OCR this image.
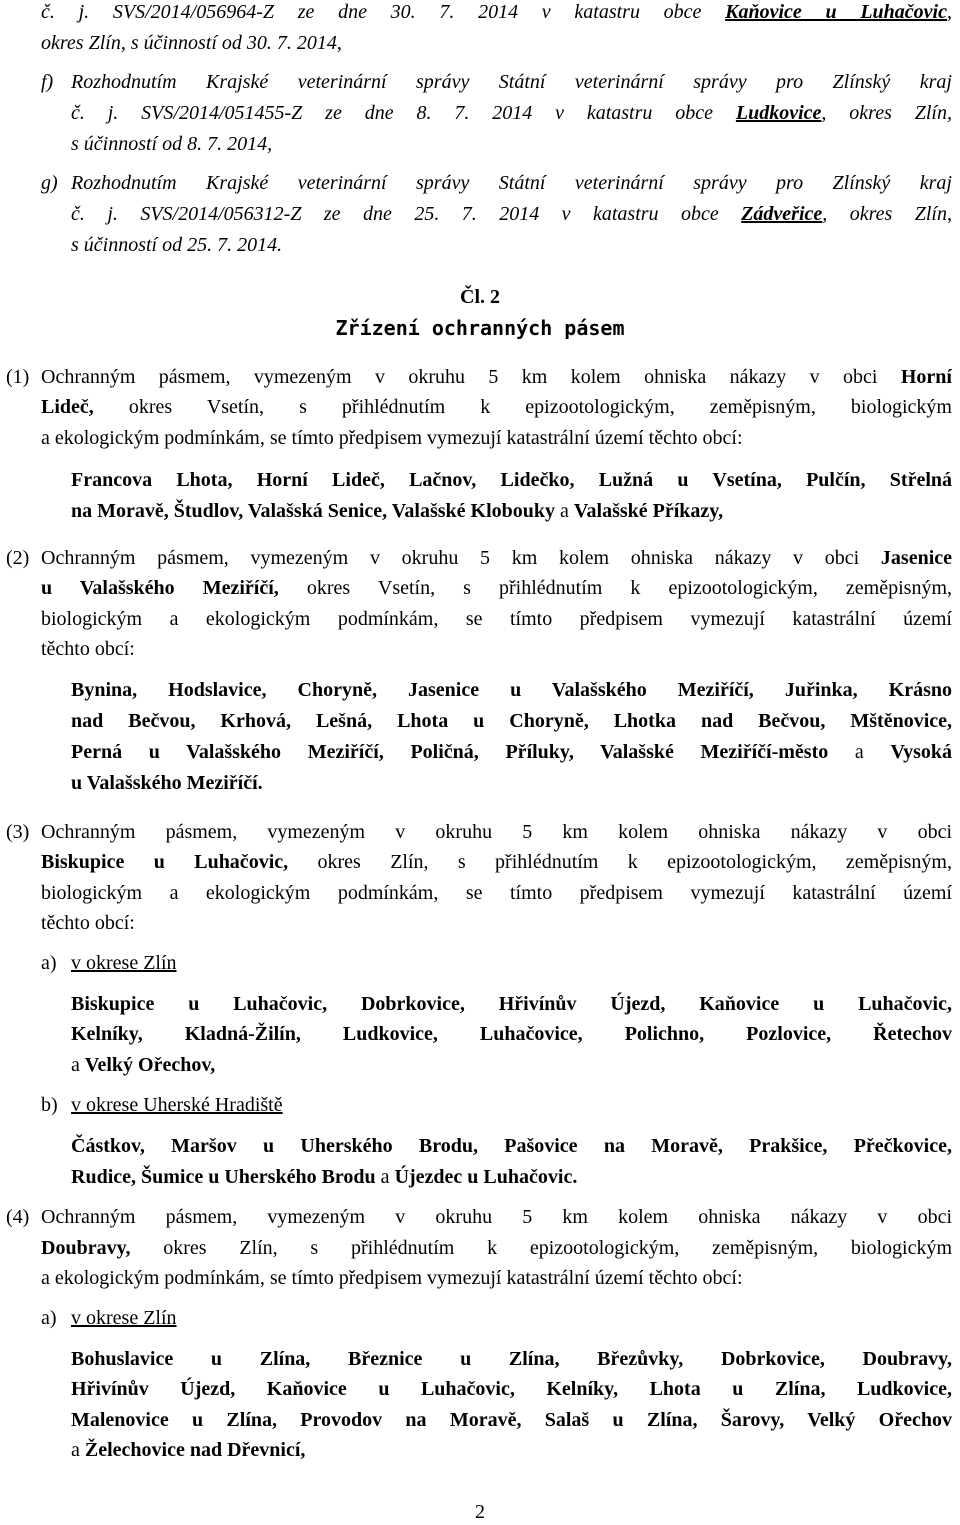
č. j. SVS/2014/056964-Z ze dne 30. 7. 2014 v katastru obce Kaňovice u Luhačovic,
okres Zlín, s účinností od 30. 7. 2014,
f) Rozhodnutím Krajské veterinární správy Státní veterinární správy pro Zlínský kraj
č. j. SVS/2014/051455-Z ze dne 8. 7. 2014 v katastru obce Ludkovice, okres Zlín,
s účinností od 8. 7. 2014,
g) Rozhodnutím Krajské veterinární správy Státní veterinární správy pro Zlínský kraj
č. j. SVS/2014/056312-Z ze dne 25. 7. 2014 v katastru obce Zádveřice, okres Zlín,
s účinností od 25. 7. 2014.
Čl. 2
Zřízení ochranných pásem
(1) Ochranným pásmem, vymezeným v okruhu 5 km kolem ohniska nákazy v obci Horní
Lideč, okres Vsetín, s přihlédnutím k epizootologickým, zeměpisným, biologickým
a ekologickým podmínkám, se tímto předpisem vymezují katastrální území těchto obcí:
Francova Lhota, Horní Lideč, Lačnov, Lidečko, Lužná u Vsetína, Pulčín, Střelná
na Moravě, Študlov, Valašská Senice, Valašské Klobouky a Valašské Příkazy,
(2) Ochranným pásmem, vymezeným v okruhu 5 km kolem ohniska nákazy v obci Jasenice
u Valašského Meziříčí, okres Vsetín, s přihlédnutím k epizootologickým, zeměpisným,
biologickým a ekologickým podmínkám, se tímto předpisem vymezují katastrální území
těchto obcí:
Bynina, Hodslavice, Choryně, Jasenice u Valašského Meziříčí, Juřinka, Krásno
nad Bečvou, Krhová, Lešná, Lhota u Choryně, Lhotka nad Bečvou, Mštěnovice,
Perná u Valašského Meziříčí, Poličná, Příluky, Valašské Meziříčí-město a Vysoká
u Valašského Meziříčí.
(3) Ochranným pásmem, vymezeným v okruhu 5 km kolem ohniska nákazy v obci
Biskupice u Luhačovic, okres Zlín, s přihlédnutím k epizootologickým, zeměpisným,
biologickým a ekologickým podmínkám, se tímto předpisem vymezují katastrální území
těchto obcí:
a) v okrese Zlín
Biskupice u Luhačovic, Dobrkovice, Hřivínův Újezd, Kaňovice u Luhačovic,
Kelníky, Kladná-Žilín, Ludkovice, Luhačovice, Polichno, Pozlovice, Řetechov
a Velký Ořechov,
b) v okrese Uherské Hradiště
Částkov, Maršov u Uherského Brodu, Pašovice na Moravě, Prakšice, Přečkovice,
Rudice, Šumice u Uherského Brodu a Újezdec u Luhačovic.
(4) Ochranným pásmem, vymezeným v okruhu 5 km kolem ohniska nákazy v obci
Doubravy, okres Zlín, s přihlédnutím k epizootologickým, zeměpisným, biologickým
a ekologickým podmínkám, se tímto předpisem vymezují katastrální území těchto obcí:
a) v okrese Zlín
Bohuslavice u Zlína, Březnice u Zlína, Březůvky, Dobrkovice, Doubravy,
Hřivínův Újezd, Kaňovice u Luhačovic, Kelníky, Lhota u Zlína, Ludkovice,
Malenovice u Zlína, Provodov na Moravě, Salaš u Zlína, Šarovy, Velký Ořechov
a Želechovice nad Dřevnicí,
2
